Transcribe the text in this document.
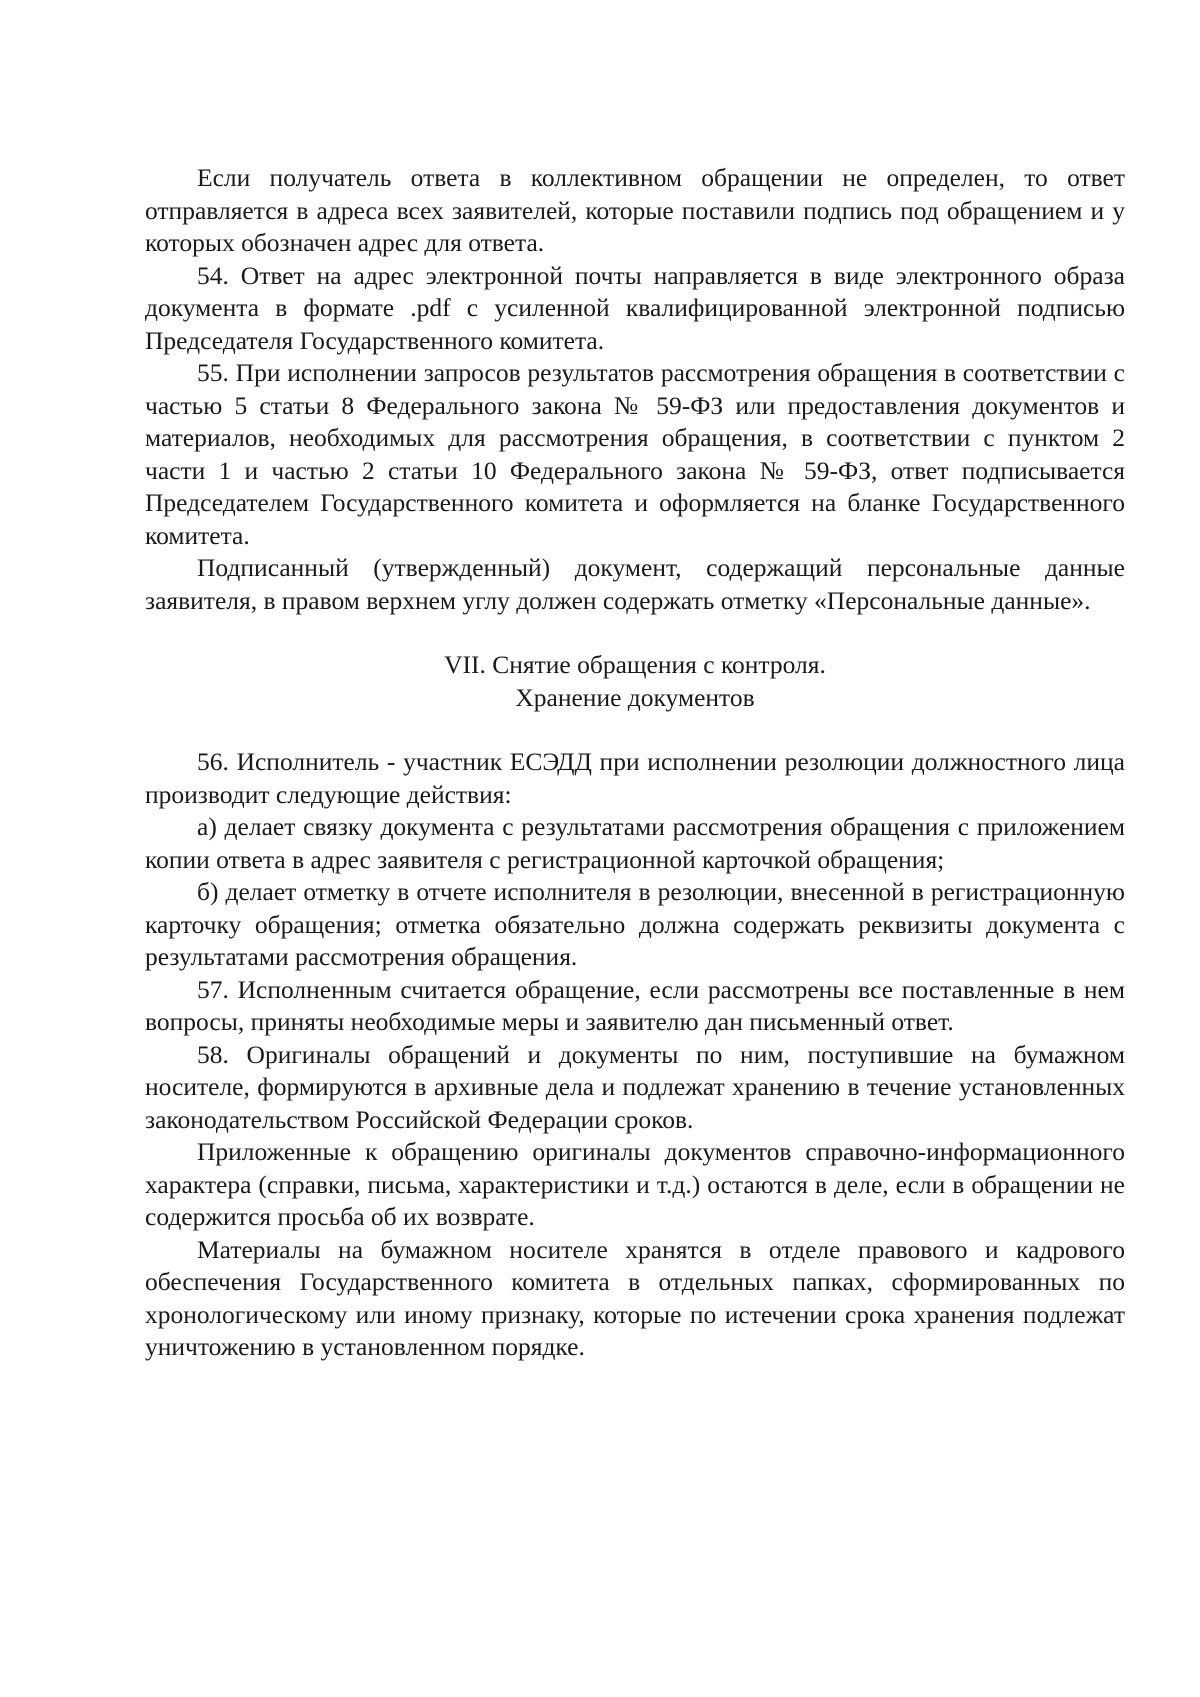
Если получатель ответа в коллективном обращении не определен, то ответ отправляется в адреса всех заявителей, которые поставили подпись под обращением и у которых обозначен адрес для ответа.

54. Ответ на адрес электронной почты направляется в виде электронного образа документа в формате .pdf с усиленной квалифицированной электронной подписью Председателя Государственного комитета.

55. При исполнении запросов результатов рассмотрения обращения в соответствии с частью 5 статьи 8 Федерального закона № 59-ФЗ или предоставления документов и материалов, необходимых для рассмотрения обращения, в соответствии с пунктом 2 части 1 и частью 2 статьи 10 Федерального закона № 59-ФЗ, ответ подписывается Председателем Государственного комитета и оформляется на бланке Государственного комитета.

Подписанный (утвержденный) документ, содержащий персональные данные заявителя, в правом верхнем углу должен содержать отметку «Персональные данные».

VII. Снятие обращения с контроля.

Хранение документов

56. Исполнитель - участник ЕСЭДД при исполнении резолюции должностного лица производит следующие действия:

а) делает связку документа с результатами рассмотрения обращения с приложением копии ответа в адрес заявителя с регистрационной карточкой обращения;

б) делает отметку в отчете исполнителя в резолюции, внесенной в регистрационную карточку обращения; отметка обязательно должна содержать реквизиты документа с результатами рассмотрения обращения.

57. Исполненным считается обращение, если рассмотрены все поставленные в нем вопросы, приняты необходимые меры и заявителю дан письменный ответ.

58. Оригиналы обращений и документы по ним, поступившие на бумажном носителе, формируются в архивные дела и подлежат хранению в течение установленных законодательством Российской Федерации сроков.

Приложенные к обращению оригиналы документов справочно-информационного характера (справки, письма, характеристики и т.д.) остаются в деле, если в обращении не содержится просьба об их возврате.

Материалы на бумажном носителе хранятся в отделе правового и кадрового обеспечения Государственного комитета в отдельных папках, сформированных по хронологическому или иному признаку, которые по истечении срока хранения подлежат уничтожению в установленном порядке.
